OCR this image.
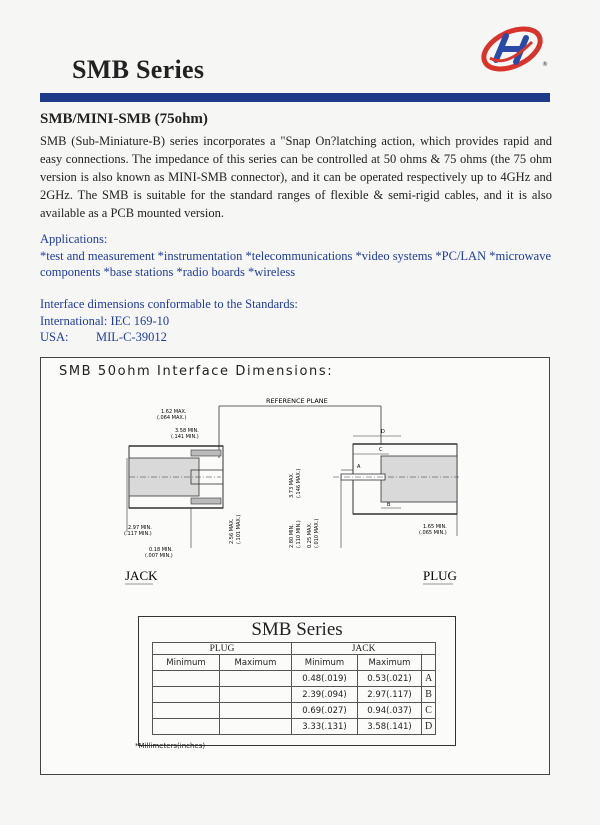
®
SMB Series
SMB/MINI-SMB (75ohm)
SMB (Sub-Miniature-B) series incorporates a "Snap On?latching action, which provides rapid and easy connections. The impedance of this series can be controlled at 50 ohms & 75 ohms (the 75 ohm version is also known as MINI-SMB connector), and it can be operated respectively up to 4GHz and 2GHz. The SMB is suitable for the standard ranges of flexible & semi-rigid cables, and it is also available as a PCB mounted version.
Applications:
*test and measurement *instrumentation *telecommunications *video systems *PC/LAN *microwave components *base stations *radio boards *wireless
Interface dimensions conformable to the Standards:
International: IEC 169-10
USA: MIL-C-39012
SMB 50ohm Interface Dimensions:
REFERENCE PLANE
1.62 MAX.
(.064 MAX.)
3.58 MIN.
(.141 MIN.)
2.97 MIN.
(.117 MIN.)
0.18 MIN.
(.007 MIN.)
2.56 MAX. (.101 MAX.)
3.73 MAX. (.146 MAX.)
2.80 MIN. (.110 MIN.) 0.25 MAX. (.010 MAX.)	1.65 MIN.
(.065 MIN.)
D
C
A
B
JACK	PLUG
SMB Series
PLUG		JACK		
Minimum	Maximum	Minimum	Maximum	
		0.48(.019)	0.53(.021)	A
		2.39(.094)	2.97(.117)	B
		0.69(.027)	0.94(.037)	C
		3.33(.131)	3.58(.141)	D
*Millimeters(inches)
